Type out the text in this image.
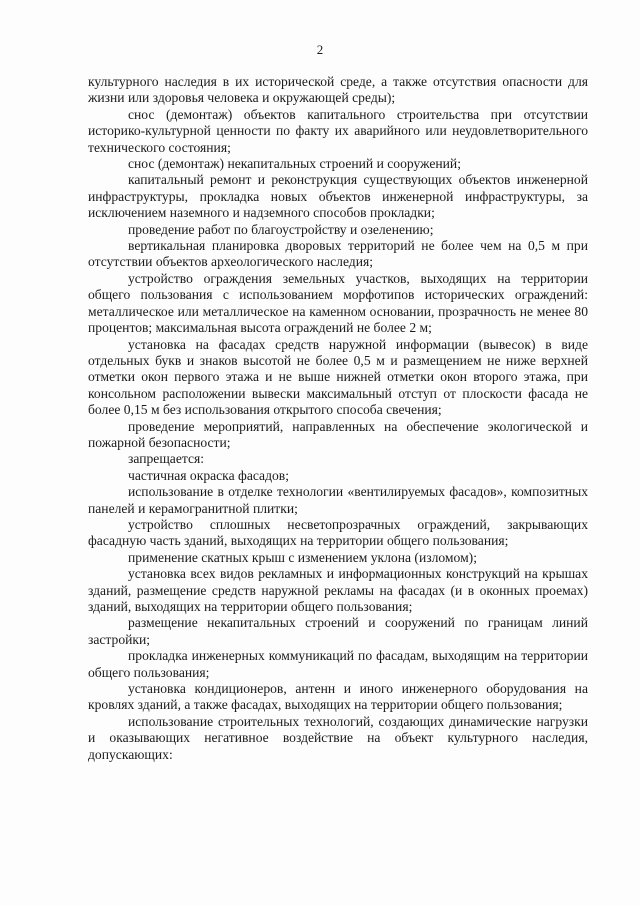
2

культурного наследия в их исторической среде, а также отсутствия опасности для жизни или здоровья человека и окружающей среды);

снос (демонтаж) объектов капитального строительства при отсутствии историко-культурной ценности по факту их аварийного или неудовлетворительного технического состояния;

снос (демонтаж) некапитальных строений и сооружений;

капитальный ремонт и реконструкция существующих объектов инженерной инфраструктуры, прокладка новых объектов инженерной инфраструктуры, за исключением наземного и надземного способов прокладки;

проведение работ по благоустройству и озеленению;

вертикальная планировка дворовых территорий не более чем на 0,5 м при отсутствии объектов археологического наследия;

устройство ограждения земельных участков, выходящих на территории общего пользования с использованием морфотипов исторических ограждений: металлическое или металлическое на каменном основании, прозрачность не менее 80 процентов; максимальная высота ограждений не более 2 м;

установка на фасадах средств наружной информации (вывесок) в виде отдельных букв и знаков высотой не более 0,5 м и размещением не ниже верхней отметки окон первого этажа и не выше нижней отметки окон второго этажа, при консольном расположении вывески максимальный отступ от плоскости фасада не более 0,15 м без использования открытого способа свечения;

проведение мероприятий, направленных на обеспечение экологической и пожарной безопасности;

запрещается:

частичная окраска фасадов;

использование в отделке технологии «вентилируемых фасадов», композитных панелей и керамогранитной плитки;

устройство сплошных несветопрозрачных ограждений, закрывающих фасадную часть зданий, выходящих на территории общего пользования;

применение скатных крыш с изменением уклона (изломом);

установка всех видов рекламных и информационных конструкций на крышах зданий, размещение средств наружной рекламы на фасадах (и в оконных проемах) зданий, выходящих на территории общего пользования;

размещение некапитальных строений и сооружений по границам линий застройки;

прокладка инженерных коммуникаций по фасадам, выходящим на территории общего пользования;

установка кондиционеров, антенн и иного инженерного оборудования на кровлях зданий, а также фасадах, выходящих на территории общего пользования;

использование строительных технологий, создающих динамические нагрузки и оказывающих негативное воздействие на объект культурного наследия, допускающих:
